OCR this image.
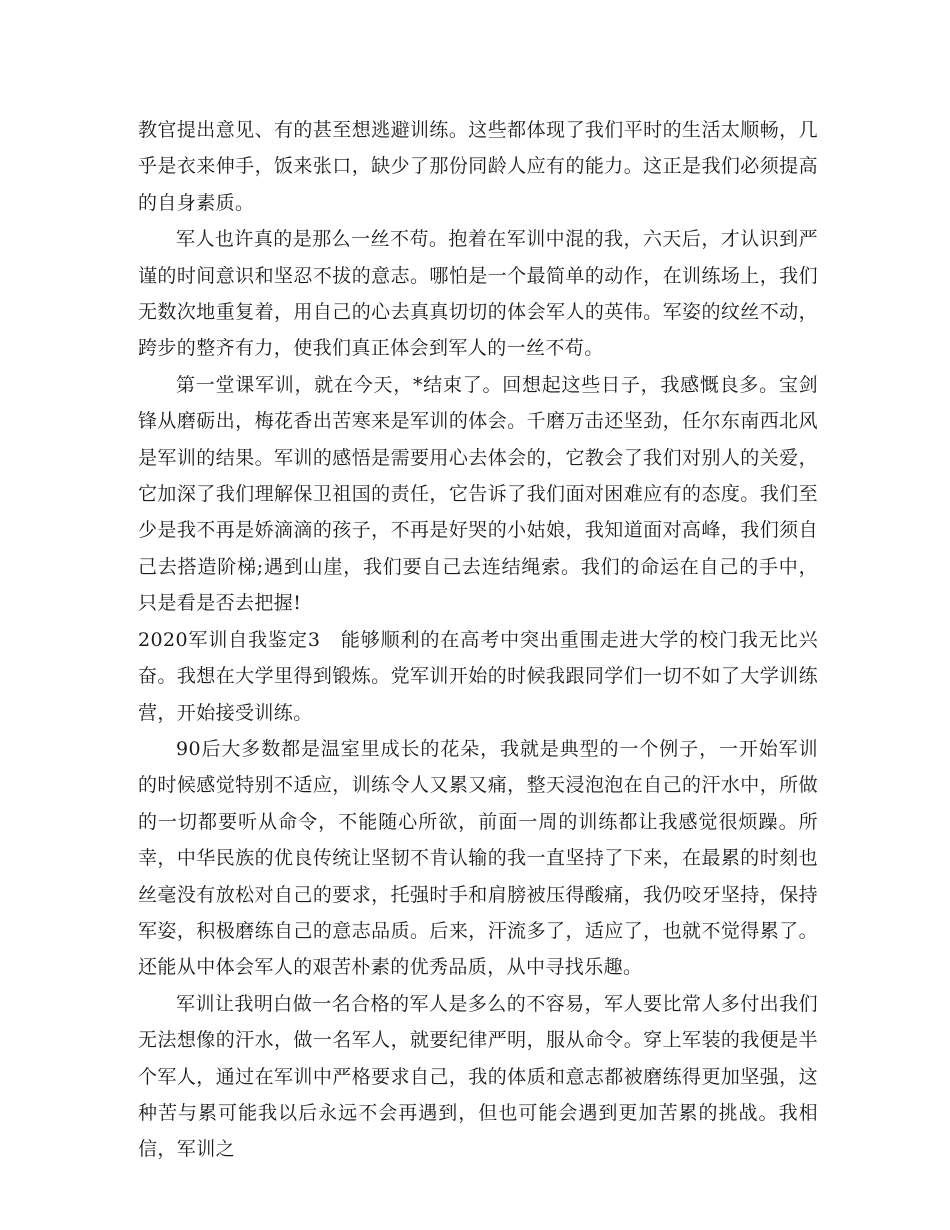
教官提出意见、有的甚至想逃避训练。这些都体现了我们平时的生活太顺畅，几乎是衣来伸手，饭来张口，缺少了那份同龄人应有的能力。这正是我们必须提高的自身素质。

军人也许真的是那么一丝不苟。抱着在军训中混的我，六天后，才认识到严谨的时间意识和坚忍不拔的意志。哪怕是一个最简单的动作，在训练场上，我们无数次地重复着，用自己的心去真真切切的体会军人的英伟。军姿的纹丝不动，跨步的整齐有力，使我们真正体会到军人的一丝不苟。

第一堂课军训，就在今天，*结束了。回想起这些日子，我感慨良多。宝剑锋从磨砺出，梅花香出苦寒来是军训的体会。千磨万击还坚劲，任尔东南西北风是军训的结果。军训的感悟是需要用心去体会的，它教会了我们对别人的关爱，它加深了我们理解保卫祖国的责任，它告诉了我们面对困难应有的态度。我们至少是我不再是娇滴滴的孩子，不再是好哭的小姑娘，我知道面对高峰，我们须自己去搭造阶梯;遇到山崖，我们要自己去连结绳索。我们的命运在自己的手中，只是看是否去把握!

2020军训自我鉴定3 能够顺利的在高考中突出重围走进大学的校门我无比兴奋。我想在大学里得到锻炼。党军训开始的时候我跟同学们一切不如了大学训练营，开始接受训练。

90后大多数都是温室里成长的花朵，我就是典型的一个例子，一开始军训的时候感觉特别不适应，训练令人又累又痛，整天浸泡泡在自己的汗水中，所做的一切都要听从命令，不能随心所欲，前面一周的训练都让我感觉很烦躁。所幸，中华民族的优良传统让坚韧不肯认输的我一直坚持了下来，在最累的时刻也丝毫没有放松对自己的要求，托强时手和肩膀被压得酸痛，我仍咬牙坚持，保持军姿，积极磨练自己的意志品质。后来，汗流多了，适应了，也就不觉得累了。还能从中体会军人的艰苦朴素的优秀品质，从中寻找乐趣。

军训让我明白做一名合格的军人是多么的不容易，军人要比常人多付出我们无法想像的汗水，做一名军人，就要纪律严明，服从命令。穿上军装的我便是半个军人，通过在军训中严格要求自己，我的体质和意志都被磨练得更加坚强，这种苦与累可能我以后永远不会再遇到，但也可能会遇到更加苦累的挑战。我相信，军训之
